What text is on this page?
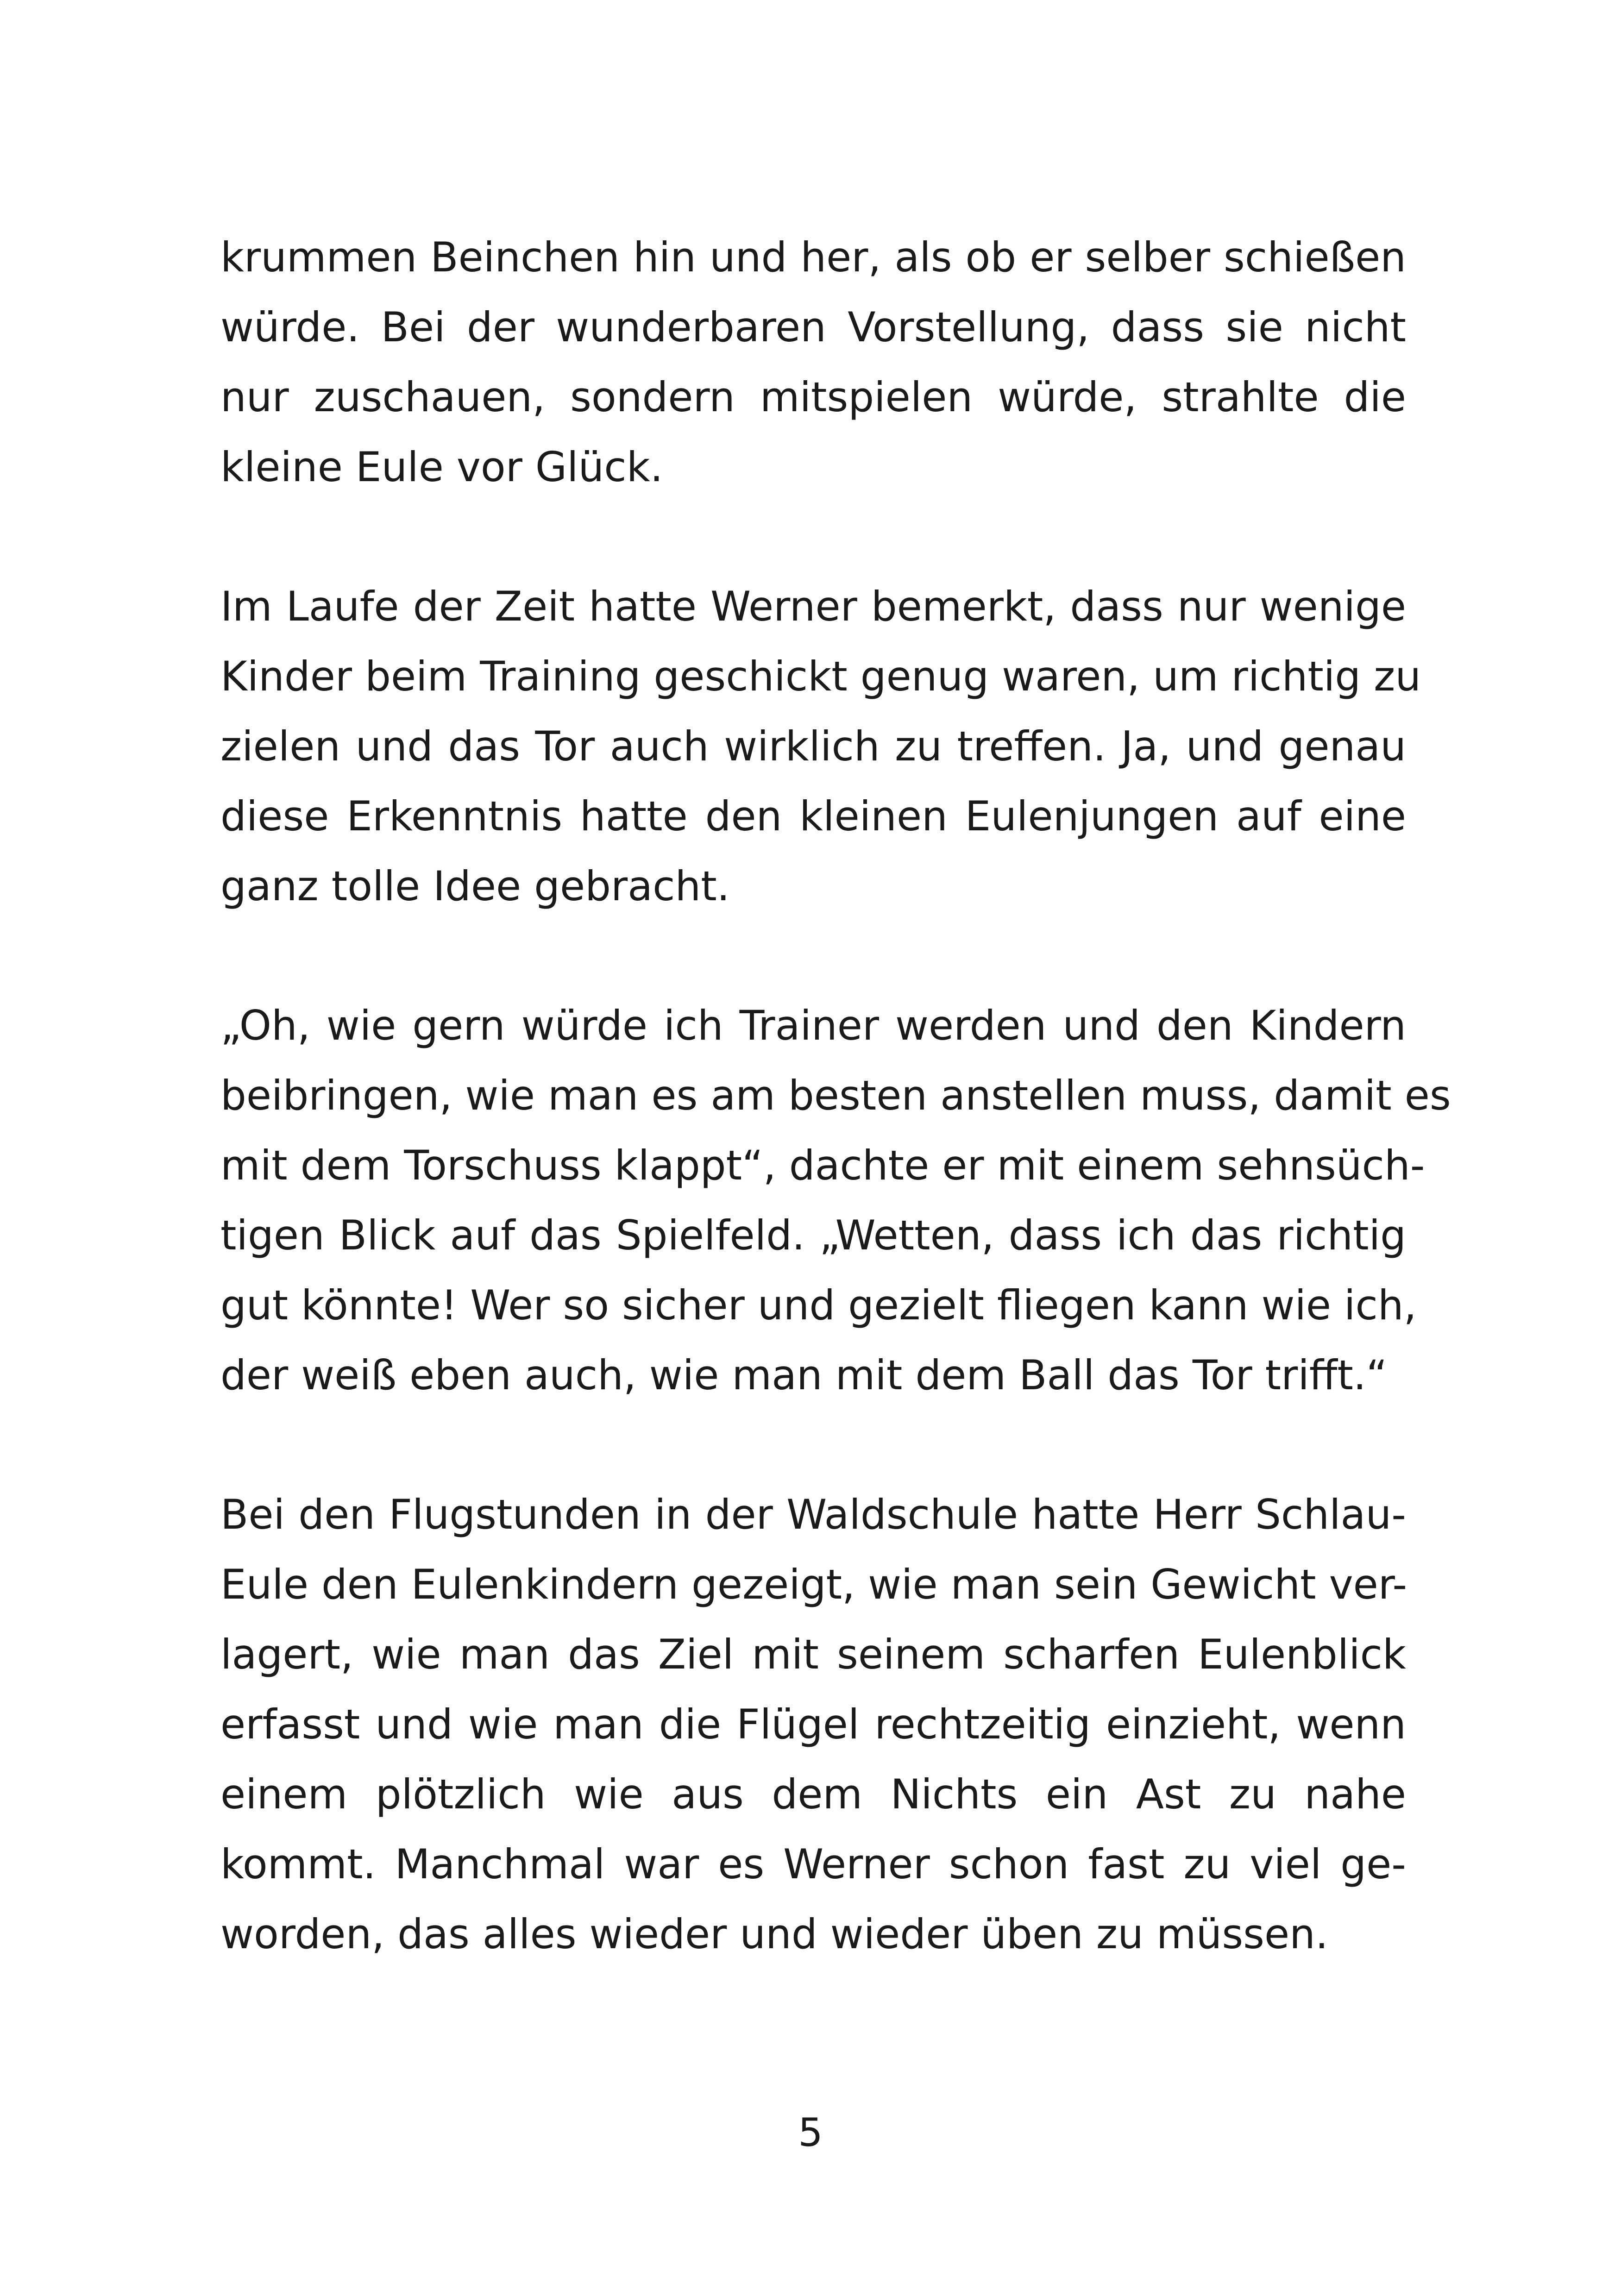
krummen Beinchen hin und her, als ob er selber schießen
würde. Bei der wunderbaren Vorstellung, dass sie nicht
nur zuschauen, sondern mitspielen würde, strahlte die
kleine Eule vor Glück.

Im Laufe der Zeit hatte Werner bemerkt, dass nur wenige
Kinder beim Training geschickt genug waren, um richtig zu
zielen und das Tor auch wirklich zu treffen. Ja, und genau
diese Erkenntnis hatte den kleinen Eulenjungen auf eine
ganz tolle Idee gebracht.

„Oh, wie gern würde ich Trainer werden und den Kindern
beibringen, wie man es am besten anstellen muss, damit es
mit dem Torschuss klappt“, dachte er mit einem sehnsüch-
tigen Blick auf das Spielfeld. „Wetten, dass ich das richtig
gut könnte! Wer so sicher und gezielt fliegen kann wie ich,
der weiß eben auch, wie man mit dem Ball das Tor trifft.“

Bei den Flugstunden in der Waldschule hatte Herr Schlau-
Eule den Eulenkindern gezeigt, wie man sein Gewicht ver-
lagert, wie man das Ziel mit seinem scharfen Eulenblick
erfasst und wie man die Flügel rechtzeitig einzieht, wenn
einem plötzlich wie aus dem Nichts ein Ast zu nahe
kommt. Manchmal war es Werner schon fast zu viel ge-
worden, das alles wieder und wieder üben zu müssen.

5
